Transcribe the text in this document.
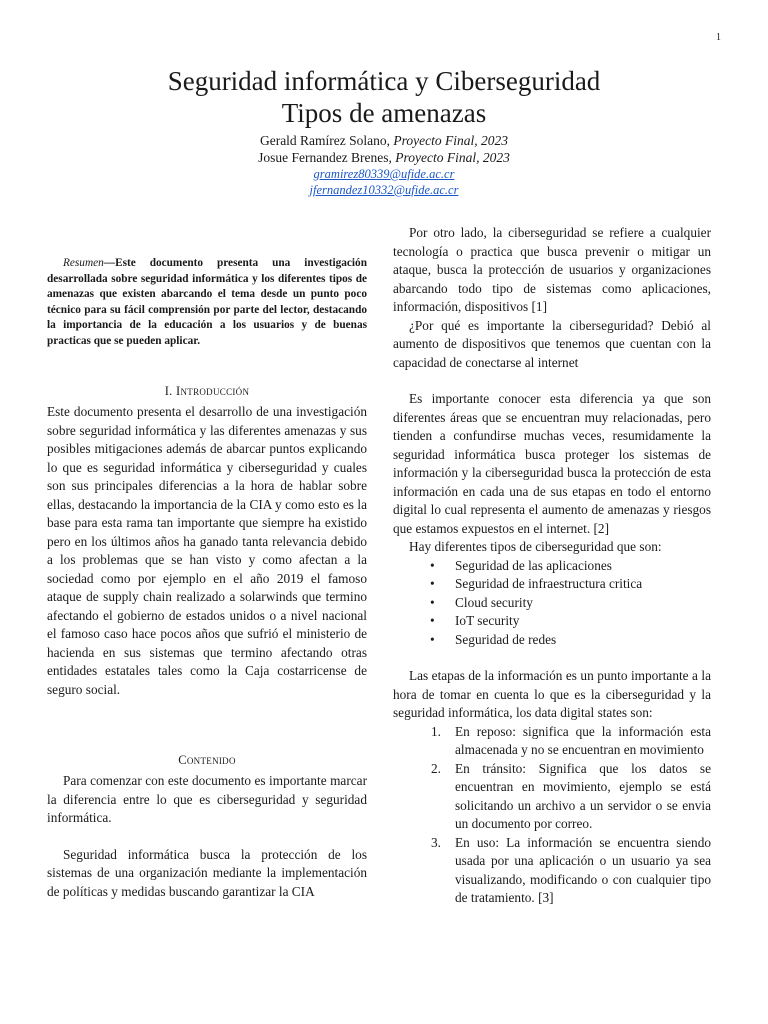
1
Seguridad informática y Ciberseguridad
Tipos de amenazas
Gerald Ramírez Solano, Proyecto Final, 2023
Josue Fernandez Brenes, Proyecto Final, 2023
gramirez80339@ufide.ac.cr
jfernandez10332@ufide.ac.cr

Resumen—Este documento presenta una investigación desarrollada sobre seguridad informática y los diferentes tipos de amenazas que existen abarcando el tema desde un punto poco técnico para su fácil comprensión por parte del lector, destacando la importancia de la educación a los usuarios y de buenas practicas que se pueden aplicar.

I. Introducción

Este documento presenta el desarrollo de una investigación sobre seguridad informática y las diferentes amenazas y sus posibles mitigaciones además de abarcar puntos explicando lo que es seguridad informática y ciberseguridad y cuales son sus principales diferencias a la hora de hablar sobre ellas, destacando la importancia de la CIA y como esto es la base para esta rama tan importante que siempre ha existido pero en los últimos años ha ganado tanta relevancia debido a los problemas que se han visto y como afectan a la sociedad como por ejemplo en el año 2019 el famoso ataque de supply chain realizado a solarwinds que termino afectando el gobierno de estados unidos o a nivel nacional el famoso caso hace pocos años que sufrió el ministerio de hacienda en sus sistemas que termino afectando otras entidades estatales tales como la Caja costarricense de seguro social.

Contenido

Para comenzar con este documento es importante marcar la diferencia entre lo que es ciberseguridad y seguridad informática.

Seguridad informática busca la protección de los sistemas de una organización mediante la implementación de políticas y medidas buscando garantizar la CIA

Por otro lado, la ciberseguridad se refiere a cualquier tecnología o practica que busca prevenir o mitigar un ataque, busca la protección de usuarios y organizaciones abarcando todo tipo de sistemas como aplicaciones, información, dispositivos [1]

¿Por qué es importante la ciberseguridad? Debió al aumento de dispositivos que tenemos que cuentan con la capacidad de conectarse al internet

Es importante conocer esta diferencia ya que son diferentes áreas que se encuentran muy relacionadas, pero tienden a confundirse muchas veces, resumidamente la seguridad informática busca proteger los sistemas de información y la ciberseguridad busca la protección de esta información en cada una de sus etapas en todo el entorno digital lo cual representa el aumento de amenazas y riesgos que estamos expuestos en el internet. [2]

Hay diferentes tipos de ciberseguridad que son:

• Seguridad de las aplicaciones
• Seguridad de infraestructura critica
• Cloud security
• IoT security
• Seguridad de redes

Las etapas de la información es un punto importante a la hora de tomar en cuenta lo que es la ciberseguridad y la seguridad informática, los data digital states son:

1. En reposo: significa que la información esta almacenada y no se encuentran en movimiento
2. En tránsito: Significa que los datos se encuentran en movimiento, ejemplo se está solicitando un archivo a un servidor o se envia un documento por correo.
3. En uso: La información se encuentra siendo usada por una aplicación o un usuario ya sea visualizando, modificando o con cualquier tipo de tratamiento. [3]
